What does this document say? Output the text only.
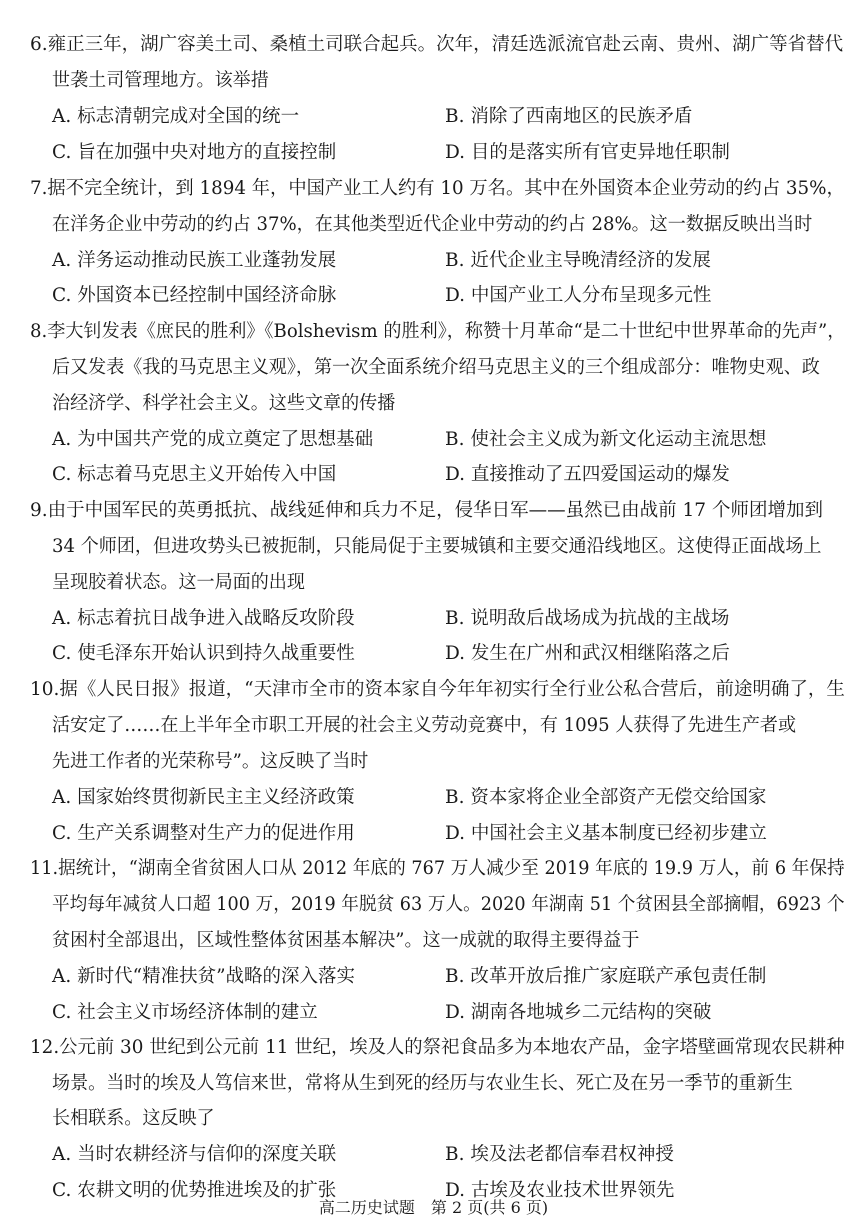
6.雍正三年，湖广容美土司、桑植土司联合起兵。次年，清廷选派流官赴云南、贵州、湖广等省替代
世袭土司管理地方。该举措
A. 标志清朝完成对全国的统一	B. 消除了西南地区的民族矛盾
C. 旨在加强中央对地方的直接控制	D. 目的是落实所有官吏异地任职制
7.据不完全统计，到 1894 年，中国产业工人约有 10 万名。其中在外国资本企业劳动的约占 35%，
在洋务企业中劳动的约占 37%，在其他类型近代企业中劳动的约占 28%。这一数据反映出当时
A. 洋务运动推动民族工业蓬勃发展	B. 近代企业主导晚清经济的发展
C. 外国资本已经控制中国经济命脉	D. 中国产业工人分布呈现多元性
8.李大钊发表《庶民的胜利》《Bolshevism 的胜利》，称赞十月革命“是二十世纪中世界革命的先声”，
后又发表《我的马克思主义观》，第一次全面系统介绍马克思主义的三个组成部分：唯物史观、政
治经济学、科学社会主义。这些文章的传播
A. 为中国共产党的成立奠定了思想基础	B. 使社会主义成为新文化运动主流思想
C. 标志着马克思主义开始传入中国	D. 直接推动了五四爱国运动的爆发
9.由于中国军民的英勇抵抗、战线延伸和兵力不足，侵华日军——虽然已由战前 17 个师团增加到
34 个师团，但进攻势头已被扼制，只能局促于主要城镇和主要交通沿线地区。这使得正面战场上
呈现胶着状态。这一局面的出现
A. 标志着抗日战争进入战略反攻阶段	B. 说明敌后战场成为抗战的主战场
C. 使毛泽东开始认识到持久战重要性	D. 发生在广州和武汉相继陷落之后
10.据《人民日报》报道，“天津市全市的资本家自今年年初实行全行业公私合营后，前途明确了，生
活安定了……在上半年全市职工开展的社会主义劳动竞赛中，有 1095 人获得了先进生产者或
先进工作者的光荣称号”。这反映了当时
A. 国家始终贯彻新民主主义经济政策	B. 资本家将企业全部资产无偿交给国家
C. 生产关系调整对生产力的促进作用	D. 中国社会主义基本制度已经初步建立
11.据统计，“湖南全省贫困人口从 2012 年底的 767 万人减少至 2019 年底的 19.9 万人，前 6 年保持
平均每年减贫人口超 100 万，2019 年脱贫 63 万人。2020 年湖南 51 个贫困县全部摘帽，6923 个
贫困村全部退出，区域性整体贫困基本解决”。这一成就的取得主要得益于
A. 新时代“精准扶贫”战略的深入落实	B. 改革开放后推广家庭联产承包责任制
C. 社会主义市场经济体制的建立	D. 湖南各地城乡二元结构的突破
12.公元前 30 世纪到公元前 11 世纪，埃及人的祭祀食品多为本地农产品，金字塔壁画常现农民耕种
场景。当时的埃及人笃信来世，常将从生到死的经历与农业生长、死亡及在另一季节的重新生
长相联系。这反映了
A. 当时农耕经济与信仰的深度关联	B. 埃及法老都信奉君权神授
C. 农耕文明的优势推进埃及的扩张	D. 古埃及农业技术世界领先
高二历史试题　第 2 页(共 6 页)
